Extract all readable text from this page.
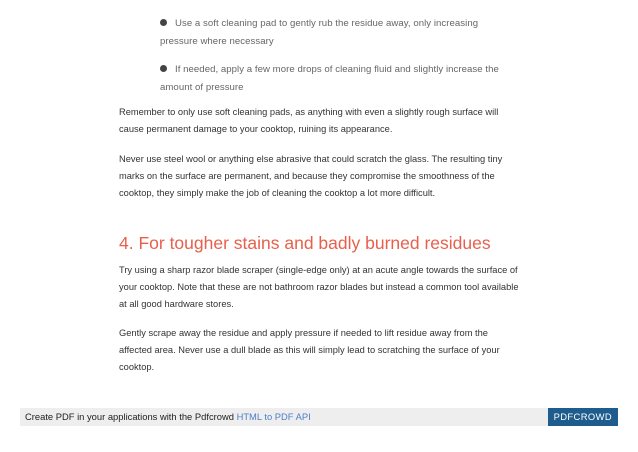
Use a soft cleaning pad to gently rub the residue away, only increasing pressure where necessary
If needed, apply a few more drops of cleaning fluid and slightly increase the amount of pressure
Remember to only use soft cleaning pads, as anything with even a slightly rough surface will cause permanent damage to your cooktop, ruining its appearance.
Never use steel wool or anything else abrasive that could scratch the glass. The resulting tiny marks on the surface are permanent, and because they compromise the smoothness of the cooktop, they simply make the job of cleaning the cooktop a lot more difficult.
4. For tougher stains and badly burned residues
Try using a sharp razor blade scraper (single-edge only) at an acute angle towards the surface of your cooktop. Note that these are not bathroom razor blades but instead a common tool available at all good hardware stores.
Gently scrape away the residue and apply pressure if needed to lift residue away from the affected area. Never use a dull blade as this will simply lead to scratching the surface of your cooktop.
Create PDF in your applications with the Pdfcrowd HTML to PDF API	PDFCROWD
